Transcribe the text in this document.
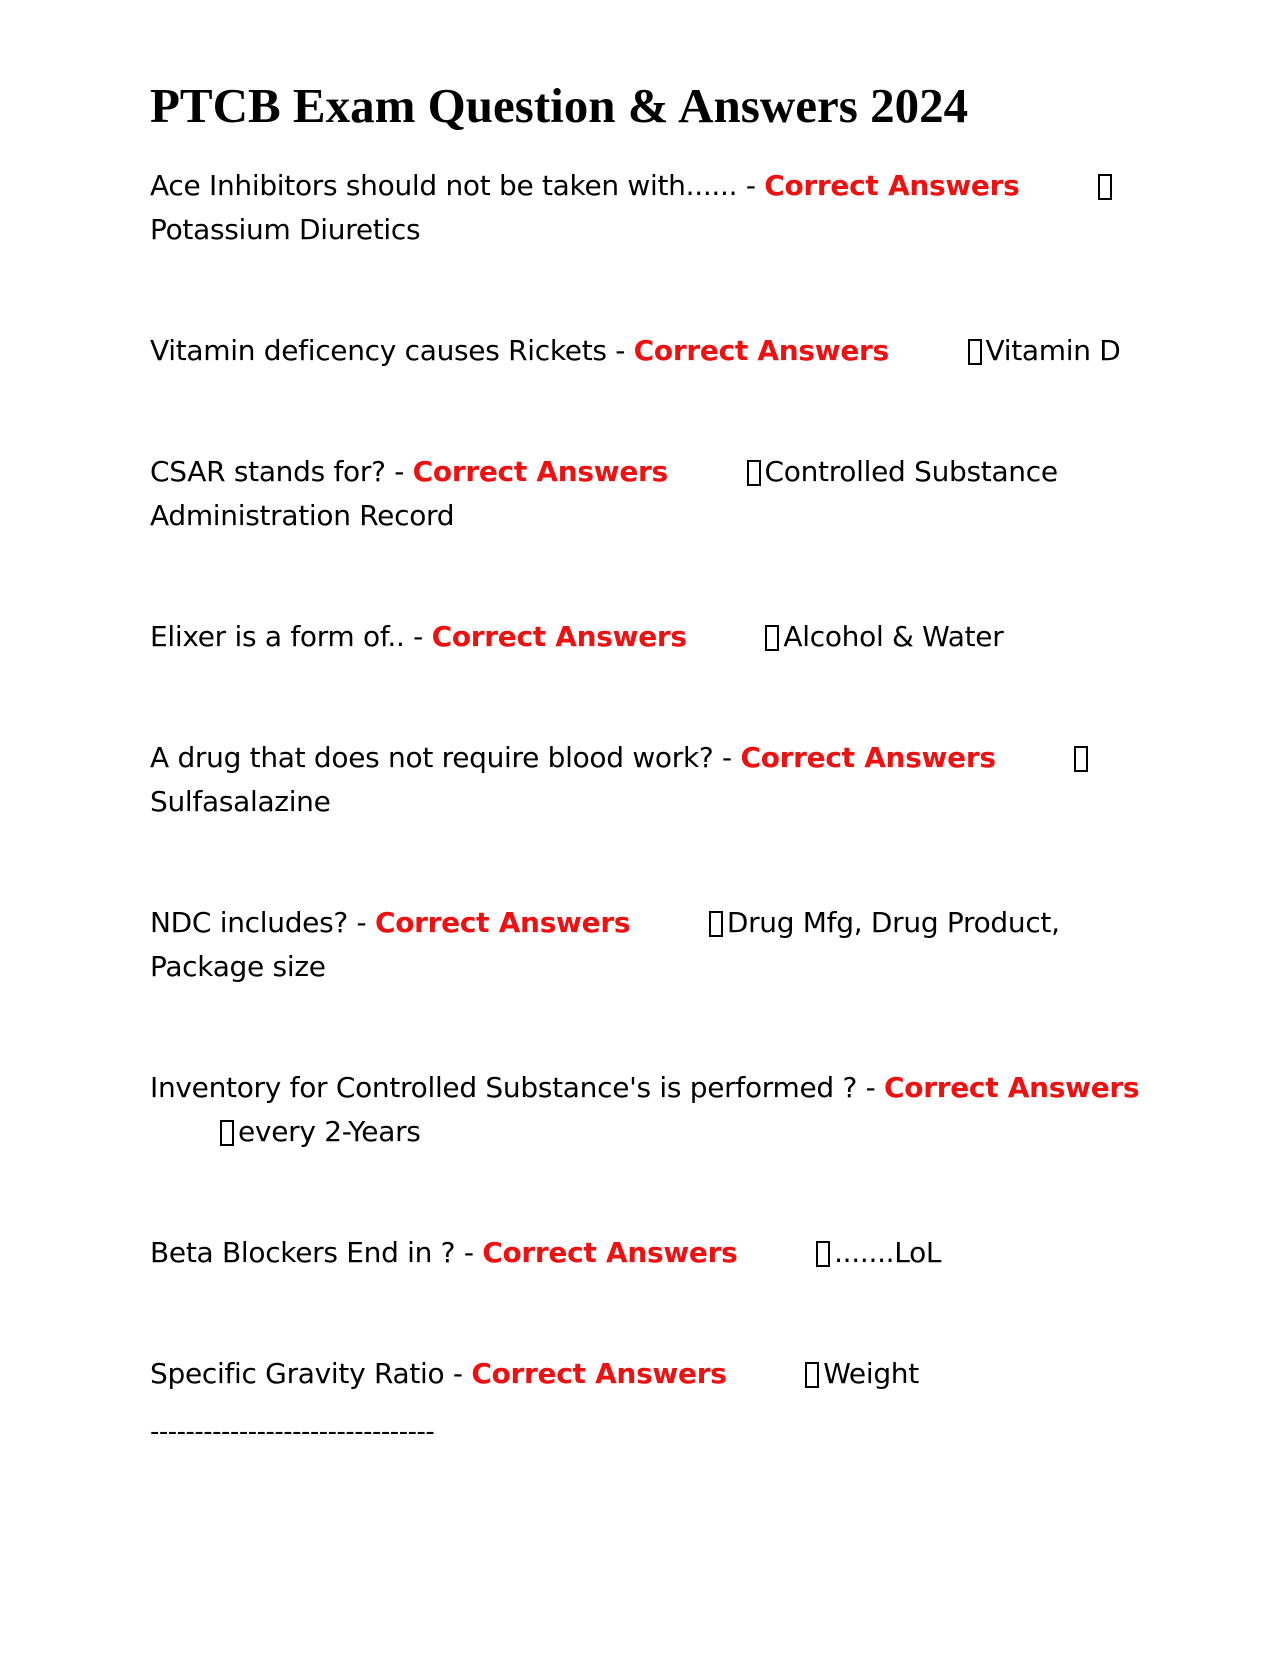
PTCB Exam Question & Answers 2024

Ace Inhibitors should not be taken with...... - Correct Answers Potassium Diuretics

Vitamin deficency causes Rickets - Correct Answers	Vitamin D

CSAR stands for? - Correct Answers	Controlled Substance Administration Record

Elixer is a form of.. - Correct Answers	Alcohol & Water

A drug that does not require blood work? - Correct Answers Sulfasalazine

NDC includes? - Correct Answers	Drug Mfg, Drug Product, Package size

Inventory for Controlled Substance's is performed ? - Correct Answers every 2-Years

Beta Blockers End in ? - Correct Answers	.......LoL

Specific Gravity Ratio - Correct Answers	Weight

--------------------------------
